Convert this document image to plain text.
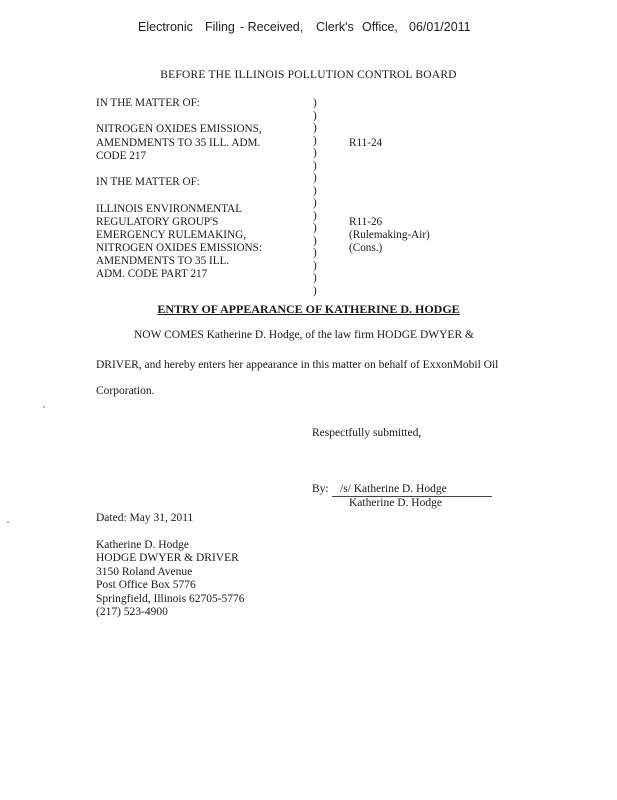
Electronic Filing - Received, Clerk's Office, 06/01/2011
BEFORE THE ILLINOIS POLLUTION CONTROL BOARD
IN THE MATTER OF:
NITROGEN OXIDES EMISSIONS,
AMENDMENTS TO 35 ILL. ADM.
CODE 217
IN THE MATTER OF:
ILLINOIS ENVIRONMENTAL
REGULATORY GROUP'S
EMERGENCY RULEMAKING,
NITROGEN OXIDES EMISSIONS:
AMENDMENTS TO 35 ILL.
ADM. CODE PART 217
)
)
)
)
)
)
)
)
)
)
)
)
)
)
)
)
R11-24
R11-26
(Rulemaking-Air)
(Cons.)
ENTRY OF APPEARANCE OF KATHERINE D. HODGE
NOW COMES Katherine D. Hodge, of the law firm HODGE DWYER &
DRIVER, and hereby enters her appearance in this matter on behalf of ExxonMobil Oil
Corporation.
Respectfully submitted,
By: /s/ Katherine D. Hodge
Katherine D. Hodge
Dated: May 31, 2011
Katherine D. Hodge
HODGE DWYER & DRIVER
3150 Roland Avenue
Post Office Box 5776
Springfield, Illinois 62705-5776
(217) 523-4900
